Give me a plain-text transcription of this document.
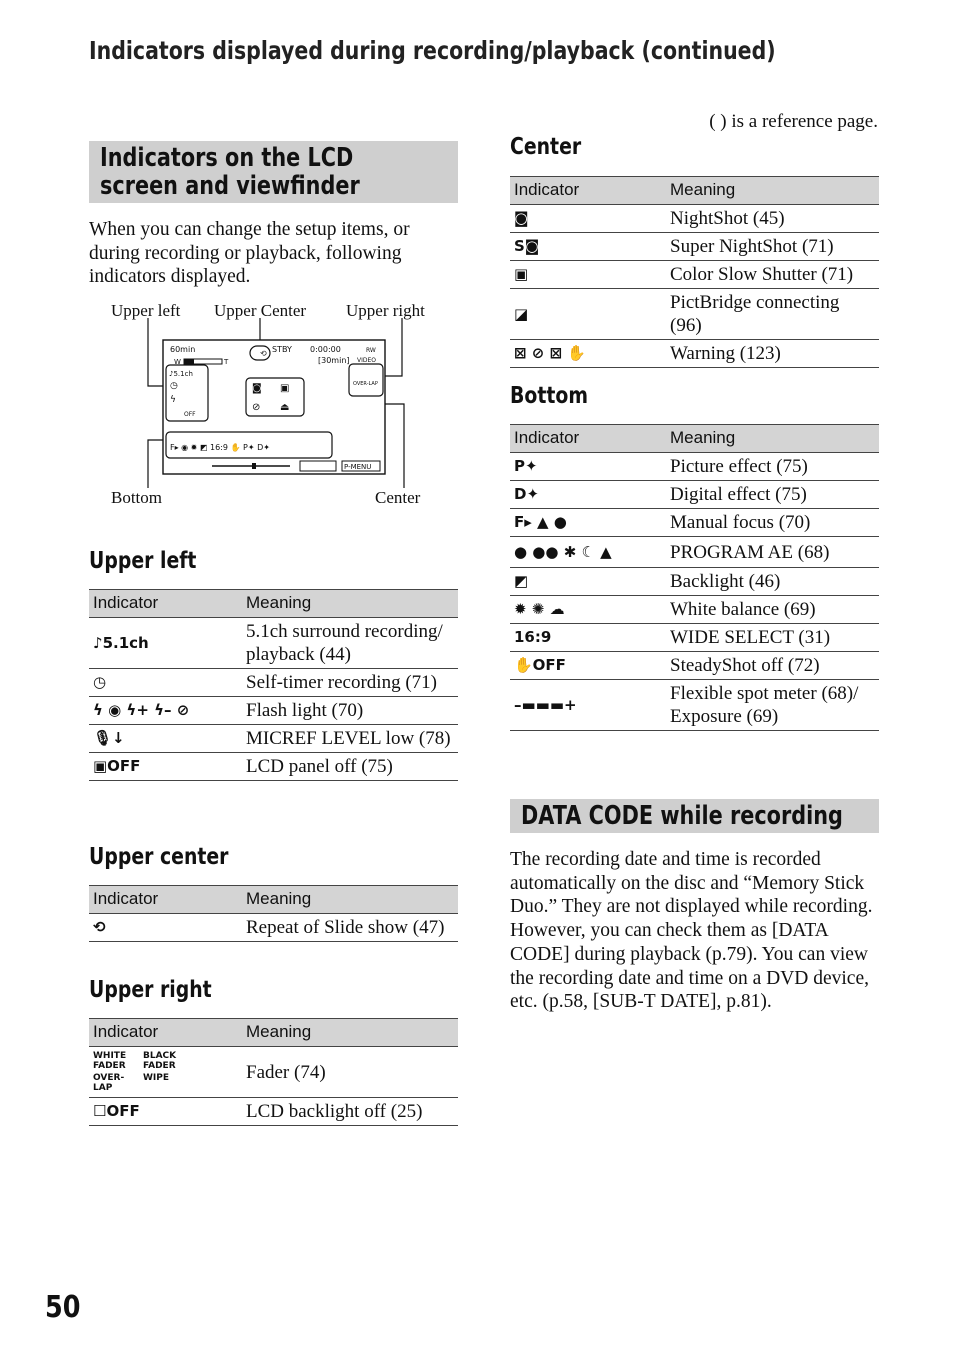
Indicators displayed during recording/playback (continued)
( ) is a reference page.
Indicators on the LCD screen and viewfinder
When you can change the setup items, or during recording or playback, following indicators displayed.
Upper left Upper Center Upper right
Bottom	Center
60min	STBY 0:00:00
[30min] VIDEO
W	T
♪5.1ch
◷
ϟ
OFF
◙ ▣
⊘ ⏏
F▸ ◉ ✹ ◩ 16:9 ✋ P✦ D✦
P-MENU
OVER-LAP
⟲	RW
Upper left
Indicator	Meaning
♪5.1ch	5.1ch surround recording/ playback (44)
◷	Self-timer recording (71)
ϟ ◉ ϟ+ ϟ– ⊘	Flash light (70)
🎙↓	MICREF LEVEL low (78)
▣OFF	LCD panel off (75)
Upper center
Indicator	Meaning
⟲	Repeat of Slide show (47)
Upper right
Indicator	Meaning

WHITE FADER
BLACK FADER
OVER- LAP
WIPE	Fader (74)
☐OFF	LCD backlight off (25)
Center
Indicator	Meaning
◙	NightShot (45)
S◙	Super NightShot (71)
▣	Color Slow Shutter (71)
◪	PictBridge connecting (96)
⊠ ⊘ ⊠ ✋	Warning (123)
Bottom
Indicator	Meaning
P✦	Picture effect (75)
D✦	Digital effect (75)
F▸ ▲ ●	Manual focus (70)
● ●● ✱ ☾ ▲	PROGRAM AE (68)
◩	Backlight (46)
✹ ✺ ☁	White balance (69)
16:9	WIDE SELECT (31)
✋OFF	SteadyShot off (72)
–▬▬▬+	Flexible spot meter (68)/ Exposure (69)
DATA CODE while recording
The recording date and time is recorded automatically on the disc and “Memory Stick Duo.” They are not displayed while recording. However, you can check them as [DATA CODE] during playback (p.79). You can view the recording date and time on a DVD device, etc. (p.58, [SUB-T DATE], p.81).
50
